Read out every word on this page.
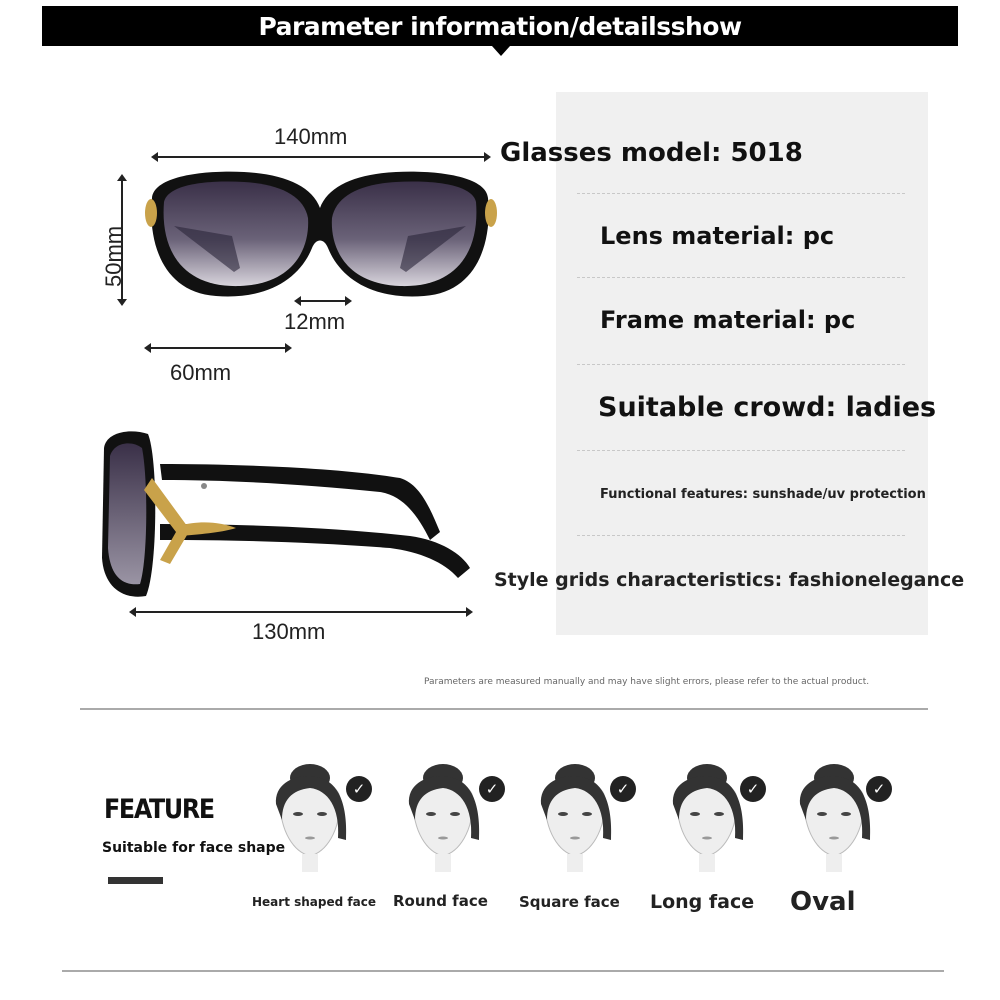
Parameter information/detailsshow
140mm
50mm
12mm
60mm
130mm
Glasses model: 5018
Lens material: pc
Frame material: pc
Suitable crowd: ladies
Functional features: sunshade/uv protection
Style grids characteristics: fashionelegance
Parameters are measured manually and may have slight errors, please refer to the actual product.
FEATURE
Suitable for face shape
✓
Heart shaped face
✓
Round face
✓
Square face
✓
Long face
✓
Oval
